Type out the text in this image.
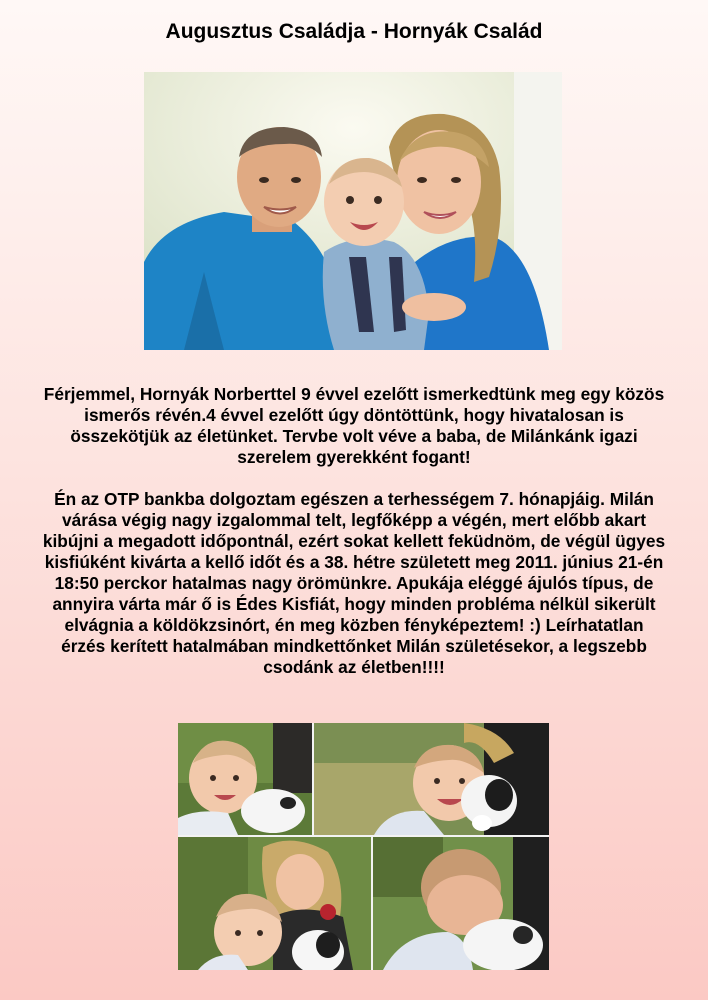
Augusztus Családja - Hornyák Család

Férjemmel, Hornyák Norberttel 9 évvel ezelőtt ismerkedtünk meg egy közös ismerős révén.4 évvel ezelőtt úgy döntöttünk, hogy hivatalosan is összekötjük az életünket. Tervbe volt véve a baba, de Milánkánk igazi szerelem gyerekként fogant!

Én az OTP bankba dolgoztam egészen a terhességem 7. hónapjáig. Milán várása végig nagy izgalommal telt, legfőképp a végén, mert előbb akart kibújni a megadott időpontnál, ezért sokat kellett feküdnöm, de végül ügyes kisfiúként kivárta a kellő időt és a 38. hétre született meg 2011. június 21-én 18:50 perckor hatalmas nagy örömünkre. Apukája eléggé ájulós típus, de annyira várta már ő is Édes Kisfiát, hogy minden probléma nélkül sikerült elvágnia a köldökzsinórt, én meg közben fényképeztem! :) Leírhatatlan érzés kerített hatalmában mindkettőnket Milán születésekor, a legszebb csodánk az életben!!!!
